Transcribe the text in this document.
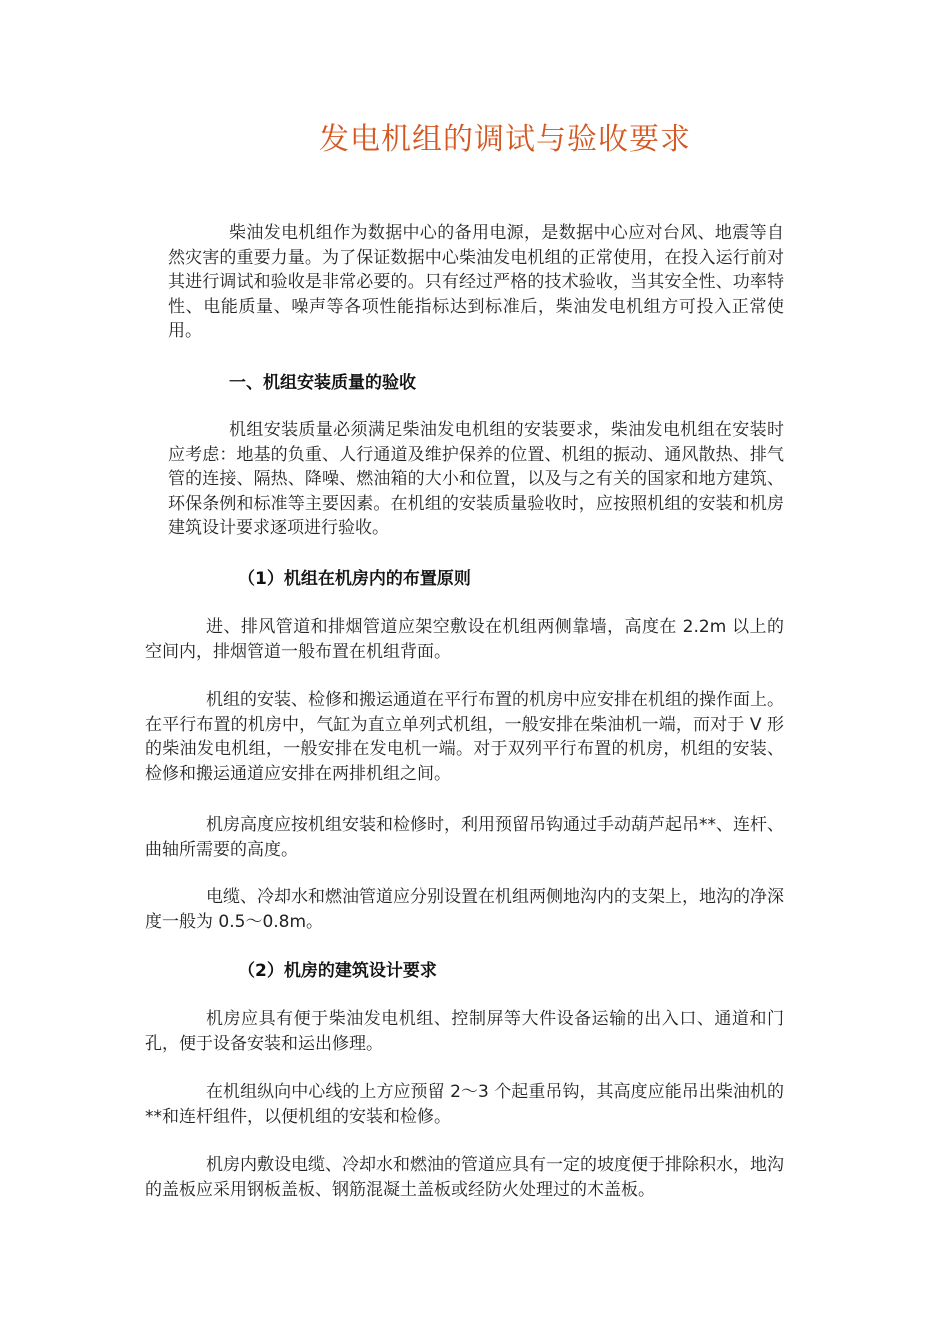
发电机组的调试与验收要求

柴油发电机组作为数据中心的备用电源，是数据中心应对台风、地震等自然灾害的重要力量。为了保证数据中心柴油发电机组的正常使用，在投入运行前对其进行调试和验收是非常必要的。只有经过严格的技术验收，当其安全性、功率特性、电能质量、噪声等各项性能指标达到标准后，柴油发电机组方可投入正常使用。

一、机组安装质量的验收

机组安装质量必须满足柴油发电机组的安装要求，柴油发电机组在安装时应考虑：地基的负重、人行通道及维护保养的位置、机组的振动、通风散热、排气管的连接、隔热、降噪、燃油箱的大小和位置，以及与之有关的国家和地方建筑、环保条例和标准等主要因素。在机组的安装质量验收时，应按照机组的安装和机房建筑设计要求逐项进行验收。

（1）机组在机房内的布置原则

进、排风管道和排烟管道应架空敷设在机组两侧靠墙，高度在 2.2m 以上的空间内，排烟管道一般布置在机组背面。

机组的安装、检修和搬运通道在平行布置的机房中应安排在机组的操作面上。在平行布置的机房中，气缸为直立单列式机组，一般安排在柴油机一端，而对于 V 形的柴油发电机组，一般安排在发电机一端。对于双列平行布置的机房，机组的安装、检修和搬运通道应安排在两排机组之间。

机房高度应按机组安装和检修时，利用预留吊钩通过手动葫芦起吊**、连杆、曲轴所需要的高度。

电缆、冷却水和燃油管道应分别设置在机组两侧地沟内的支架上，地沟的净深度一般为 0.5～0.8m。

（2）机房的建筑设计要求

机房应具有便于柴油发电机组、控制屏等大件设备运输的出入口、通道和门孔，便于设备安装和运出修理。

在机组纵向中心线的上方应预留 2～3 个起重吊钩，其高度应能吊出柴油机的**和连杆组件，以便机组的安装和检修。

机房内敷设电缆、冷却水和燃油的管道应具有一定的坡度便于排除积水，地沟的盖板应采用钢板盖板、钢筋混凝土盖板或经防火处理过的木盖板。
